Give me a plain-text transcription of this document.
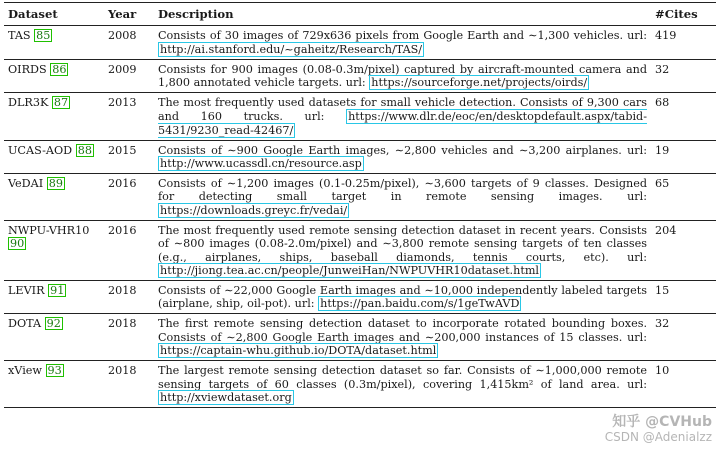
Dataset	Year	Description	#Cites
TAS 85	2008	Consists of 30 images of 729x636 pixels from Google Earth and ∼1,300 vehicles. url: http://ai.stanford.edu/~gaheitz/Research/TAS/	419
OIRDS 86	2009	Consists for 900 images (0.08-0.3m/pixel) captured by aircraft-mounted camera and 1,800 annotated vehicle targets. url: https://sourceforge.net/projects/oirds/	32
DLR3K 87	2013	The most frequently used datasets for small vehicle detection. Consists of 9,300 cars and 160 trucks. url: https://www.dlr.de/eoc/en/desktopdefault.aspx/tabid-5431/9230_read-42467/	68
UCAS-AOD 88	2015	Consists of ∼900 Google Earth images, ∼2,800 vehicles and ∼3,200 airplanes. url: http://www.ucassdl.cn/resource.asp	19
VeDAI 89	2016	Consists of ∼1,200 images (0.1-0.25m/pixel), ∼3,600 targets of 9 classes. Designed for detecting small target in remote sensing images. url: https://downloads.greyc.fr/vedai/	65
NWPU-VHR10 90	2016	The most frequently used remote sensing detection dataset in recent years. Consists of ∼800 images (0.08-2.0m/pixel) and ∼3,800 remote sensing targets of ten classes (e.g., airplanes, ships, baseball diamonds, tennis courts, etc). url: http://jiong.tea.ac.cn/people/JunweiHan/NWPUVHR10dataset.html	204
LEVIR 91	2018	Consists of ∼22,000 Google Earth images and ∼10,000 independently labeled targets (airplane, ship, oil-pot). url: https://pan.baidu.com/s/1geTwAVD	15
DOTA 92	2018	The first remote sensing detection dataset to incorporate rotated bounding boxes. Consists of ∼2,800 Google Earth images and ∼200,000 instances of 15 classes. url: https://captain-whu.github.io/DOTA/dataset.html	32
xView 93	2018	The largest remote sensing detection dataset so far. Consists of ∼1,000,000 remote sensing targets of 60 classes (0.3m/pixel), covering 1,415km² of land area. url: http://xviewdataset.org	10
知乎 @CVHub
CSDN @Adenialzz
